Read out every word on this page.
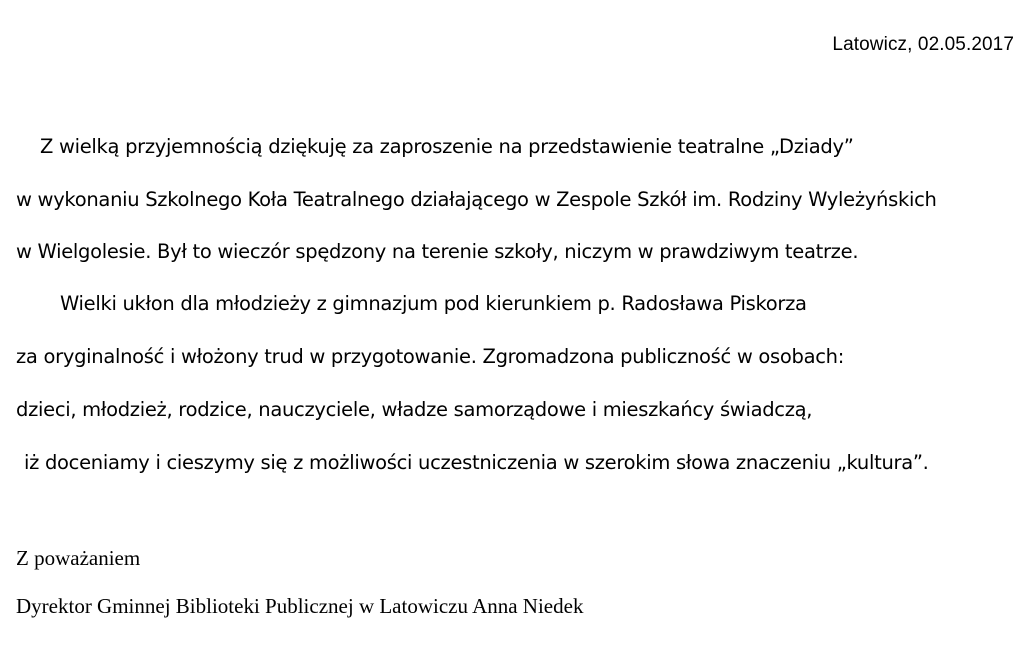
Latowicz, 02.05.2017
Z wielką przyjemnością dziękuję za zaproszenie na przedstawienie teatralne „Dziady”
w wykonaniu Szkolnego Koła Teatralnego działającego w Zespole Szkół im. Rodziny Wyleżyńskich
w Wielgolesie. Był to wieczór spędzony na terenie szkoły, niczym w prawdziwym teatrze.
Wielki ukłon dla młodzieży z gimnazjum pod kierunkiem p. Radosława Piskorza
za oryginalność i włożony trud w przygotowanie. Zgromadzona publiczność w osobach:
dzieci, młodzież, rodzice, nauczyciele, władze samorządowe i mieszkańcy świadczą,
iż doceniamy i cieszymy się z możliwości uczestniczenia w szerokim słowa znaczeniu „kultura”.
Z poważaniem
Dyrektor Gminnej Biblioteki Publicznej w Latowiczu Anna Niedek
